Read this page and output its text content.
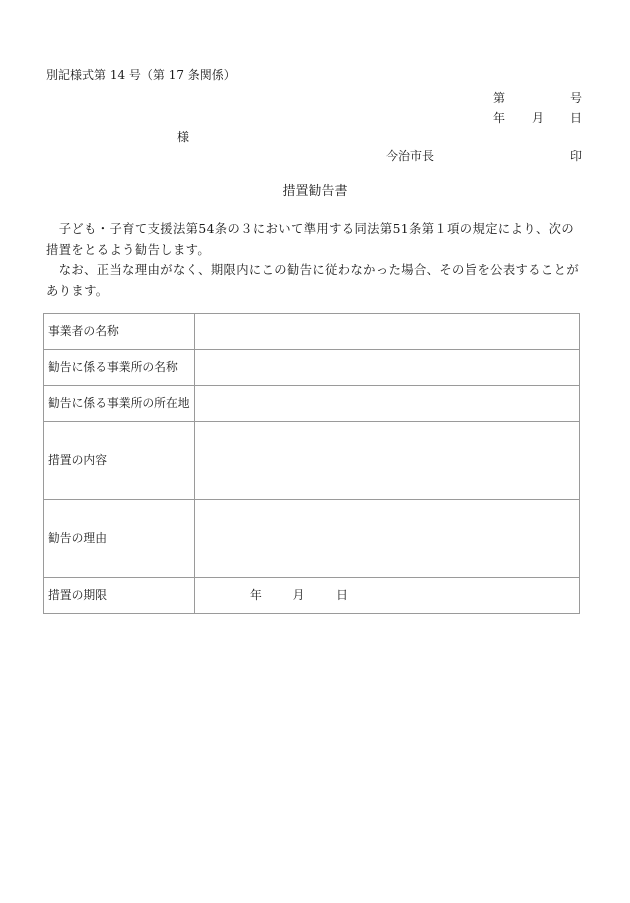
別記様式第 14 号（第 17 条関係）
第	号
年 月 日
様
今治市長	印
措置勧告書
　子ども・子育て支援法第54条の３において準用する同法第51条第１項の規定により、次の措置をとるよう勧告します。
　なお、正当な理由がなく、期限内にこの勧告に従わなかった場合、その旨を公表することがあります。
事業者の名称	
勧告に係る事業所の名称	
勧告に係る事業所の所在地	
措置の内容	
勧告の理由	
措置の期限	年 月 日
